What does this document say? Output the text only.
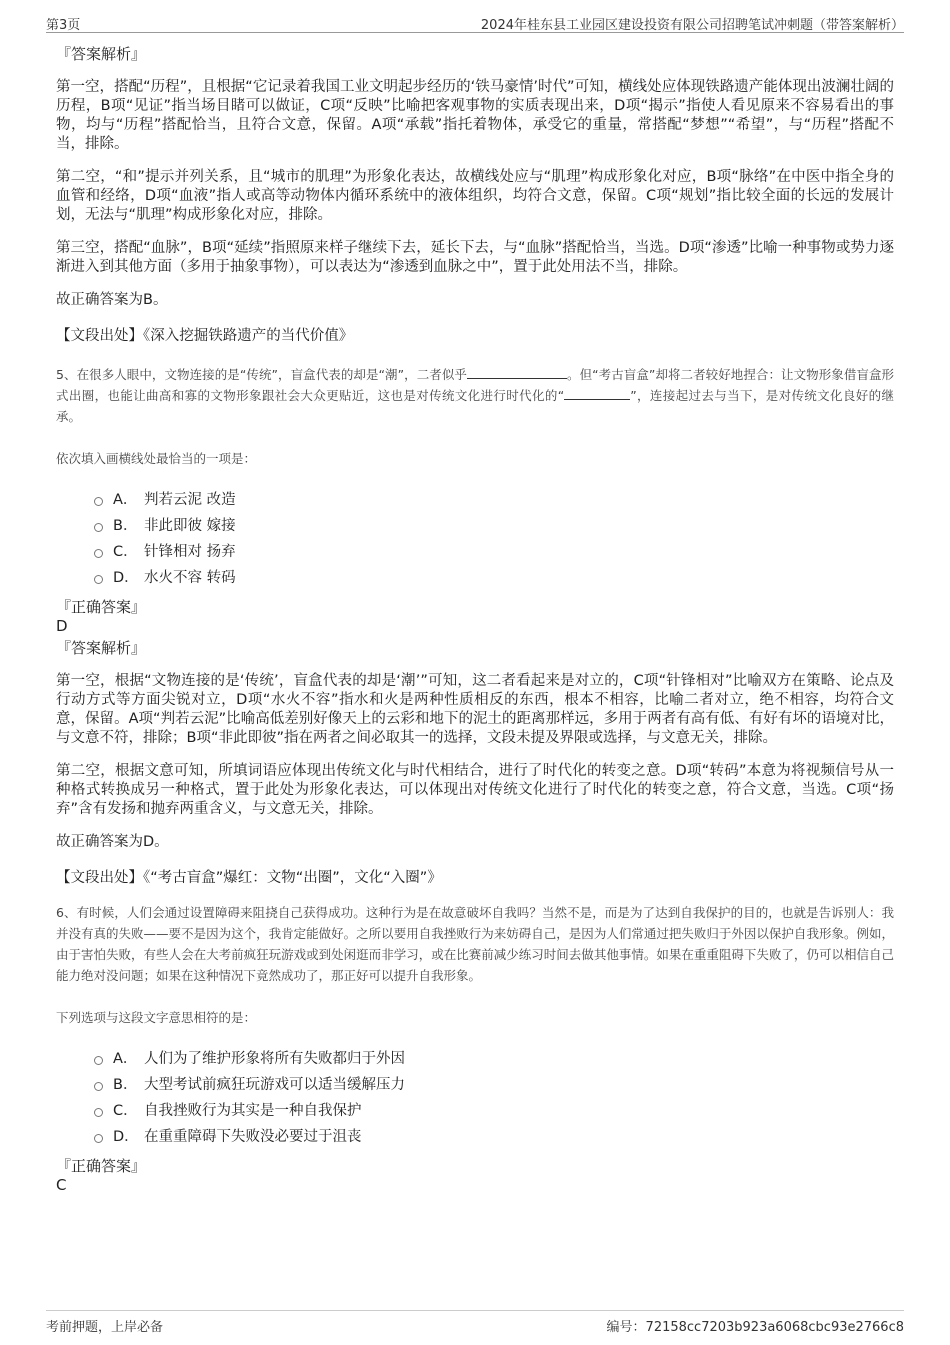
第3页	2024年桂东县工业园区建设投资有限公司招聘笔试冲刺题（带答案解析）

『答案解析』

第一空，搭配“历程”，且根据“它记录着我国工业文明起步经历的‘铁马豪情’时代”可知，横线处应体现铁路遗产能体现出波澜壮阔的历程，B项“见证”指当场目睹可以做证，C项“反映”比喻把客观事物的实质表现出来，D项“揭示”指使人看见原来不容易看出的事物，均与“历程”搭配恰当，且符合文意，保留。A项“承载”指托着物体，承受它的重量，常搭配“梦想”“希望”，与“历程”搭配不当，排除。

第二空，“和”提示并列关系，且“城市的肌理”为形象化表达，故横线处应与“肌理”构成形象化对应，B项“脉络”在中医中指全身的血管和经络，D项“血液”指人或高等动物体内循环系统中的液体组织，均符合文意，保留。C项“规划”指比较全面的长远的发展计划，无法与“肌理”构成形象化对应，排除。

第三空，搭配“血脉”，B项“延续”指照原来样子继续下去，延长下去，与“血脉”搭配恰当，当选。D项“渗透”比喻一种事物或势力逐渐进入到其他方面（多用于抽象事物），可以表达为“渗透到血脉之中”，置于此处用法不当，排除。

故正确答案为B。

【文段出处】《深入挖掘铁路遗产的当代价值》

5、在很多人眼中，文物连接的是“传统”，盲盒代表的却是“潮”，二者似乎	。但“考古盲盒”却将二者较好地捏合：让文物形象借盲盒形式出圈，也能让曲高和寡的文物形象跟社会大众更贴近，这也是对传统文化进行时代化的“	”，连接起过去与当下，是对传统文化良好的继承。

依次填入画横线处最恰当的一项是：

A． 判若云泥 改造
B． 非此即彼 嫁接
C． 针锋相对 扬弃
D． 水火不容 转码

『正确答案』

D

『答案解析』

第一空，根据“文物连接的是‘传统’，盲盒代表的却是‘潮’”可知，这二者看起来是对立的，C项“针锋相对”比喻双方在策略、论点及行动方式等方面尖锐对立，D项“水火不容”指水和火是两种性质相反的东西，根本不相容，比喻二者对立，绝不相容，均符合文意，保留。A项“判若云泥”比喻高低差别好像天上的云彩和地下的泥土的距离那样远，多用于两者有高有低、有好有坏的语境对比，与文意不符，排除；B项“非此即彼”指在两者之间必取其一的选择，文段未提及界限或选择，与文意无关，排除。

第二空，根据文意可知，所填词语应体现出传统文化与时代相结合，进行了时代化的转变之意。D项“转码”本意为将视频信号从一种格式转换成另一种格式，置于此处为形象化表达，可以体现出对传统文化进行了时代化的转变之意，符合文意，当选。C项“扬弃”含有发扬和抛弃两重含义，与文意无关，排除。

故正确答案为D。

【文段出处】《“考古盲盒”爆红：文物“出圈”，文化“入圈”》

6、有时候，人们会通过设置障碍来阻挠自己获得成功。这种行为是在故意破坏自我吗？当然不是，而是为了达到自我保护的目的，也就是告诉别人：我并没有真的失败——要不是因为这个，我肯定能做好。之所以要用自我挫败行为来妨碍自己，是因为人们常通过把失败归于外因以保护自我形象。例如，由于害怕失败，有些人会在大考前疯狂玩游戏或到处闲逛而非学习，或在比赛前减少练习时间去做其他事情。如果在重重阻碍下失败了，仍可以相信自己能力绝对没问题；如果在这种情况下竟然成功了，那正好可以提升自我形象。

下列选项与这段文字意思相符的是：

A． 人们为了维护形象将所有失败都归于外因
B． 大型考试前疯狂玩游戏可以适当缓解压力
C． 自我挫败行为其实是一种自我保护
D． 在重重障碍下失败没必要过于沮丧

『正确答案』

C

考前押题，上岸必备	编号：72158cc7203b923a6068cbc93e2766c8
